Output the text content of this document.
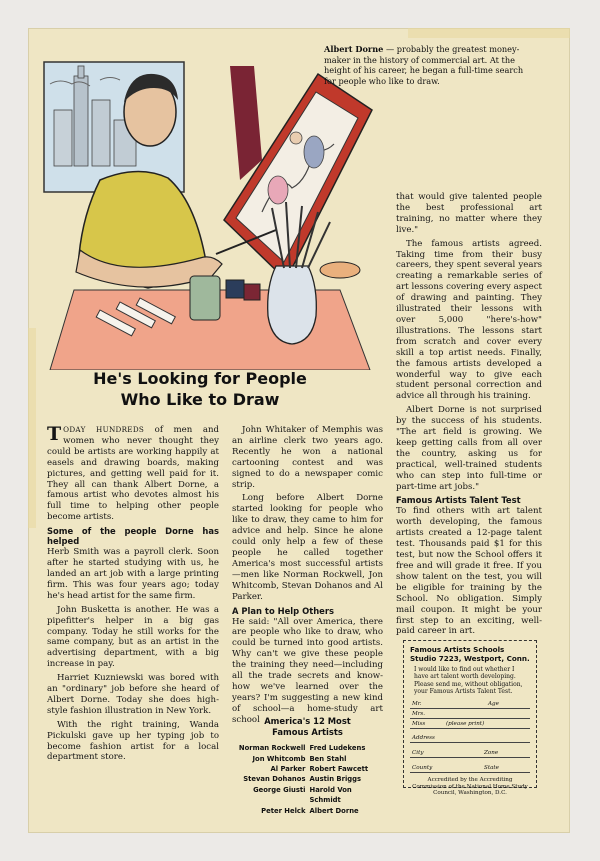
Albert Dorne — probably the greatest money-maker in the history of commercial art. At the height of his career, he began a full-time search for people who like to draw.
He's Looking for People
Who Like to Draw

TODAY HUNDREDS of men and women who never thought they could be artists are working happily at easels and drawing boards, making pictures, and getting well paid for it. They all can thank Albert Dorne, a famous artist who devotes almost his full time to helping other people become artists.

Some of the people Dorne has helped

Herb Smith was a payroll clerk. Soon after he started studying with us, he landed an art job with a large printing firm. This was four years ago; today he's head artist for the same firm.

John Busketta is another. He was a pipefitter's helper in a big gas company. Today he still works for the same company, but as an artist in the advertising department, with a big increase in pay.

Harriet Kuzniewski was bored with an "ordinary" job before she heard of Albert Dorne. Today she does high-style fashion illustration in New York.

With the right training, Wanda Pickulski gave up her typing job to become fashion artist for a local department store.

John Whitaker of Memphis was an airline clerk two years ago. Recently he won a national cartooning contest and was signed to do a newspaper comic strip.

Long before Albert Dorne started looking for people who like to draw, they came to him for advice and help. Since he alone could only help a few of these people he called together America's most successful artists—men like Norman Rockwell, Jon Whitcomb, Stevan Dohanos and Al Parker.

A Plan to Help Others

He said: "All over America, there are people who like to draw, who could be turned into good artists. Why can't we give these people the training they need—including all the trade secrets and know-how we've learned over the years? I'm suggesting a new kind of school—a home-study art school America's 12 Most
Famous Artists
Norman Rockwell Fred Ludekens
Jon Whitcomb Ben Stahl
Al Parker Robert Fawcett
Stevan Dohanos Austin Briggs
George Giusti Harold Von Schmidt
Peter Helck Albert Dorne

that would give talented people the best professional art training, no matter where they live."

The famous artists agreed. Taking time from their busy careers, they spent several years creating a remarkable series of art lessons covering every aspect of drawing and painting. They illustrated their lessons with over 5,000 "here's-how" illustrations. The lessons start from scratch and cover every skill a top artist needs. Finally, the famous artists developed a wonderful way to give each student personal correction and advice all through his training.

Albert Dorne is not surprised by the success of his students. "The art field is growing. We keep getting calls from all over the country, asking us for practical, well-trained students who can step into full-time or part-time art jobs."

Famous Artists Talent Test

To find others with art talent worth developing, the famous artists created a 12-page talent test. Thousands paid $1 for this test, but now the School offers it free and will grade it free. If you show talent on the test, you will be eligible for training by the School. No obligation. Simply mail coupon. It might be your first step to an exciting, well-paid career in art.

Famous Artists Schools
Studio 7223, Westport, Conn.
I would like to find out whether I have art talent worth developing. Please send me, without obligation, your Famous Artists Talent Test.
Mr.	Age
Mrs.
Miss	(please print)
Address
City	Zone
County	State
Accredited by the Accrediting Commission of the National Home Study Council, Washington, D.C.
